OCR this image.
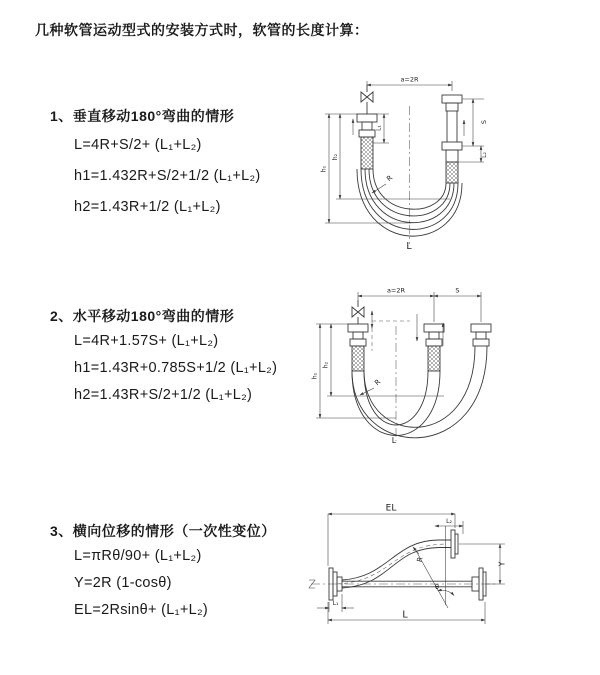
几种软管运动型式的安装方式时，软管的长度计算：
1、垂直移动180°弯曲的情形
L=4R+S/2+ (L₁+L₂)
h1=1.432R+S/2+1/2 (L₁+L₂)
h2=1.43R+1/2 (L₁+L₂)
2、水平移动180°弯曲的情形
L=4R+1.57S+ (L₁+L₂)
h1=1.43R+0.785S+1/2 (L₁+L₂)
h2=1.43R+S/2+1/2 (L₁+L₂)
3、横向位移的情形（一次性变位）
L=πRθ/90+ (L₁+L₂)
Y=2R (1-cosθ)
EL=2Rsinθ+ (L₁+L₂)
a=2R
L₁
S
L₂
h₁
h₂
R
L
a=2R	S
h₁
h₂
R
L
EL
L₂
Y
L
L₁
θ
R
